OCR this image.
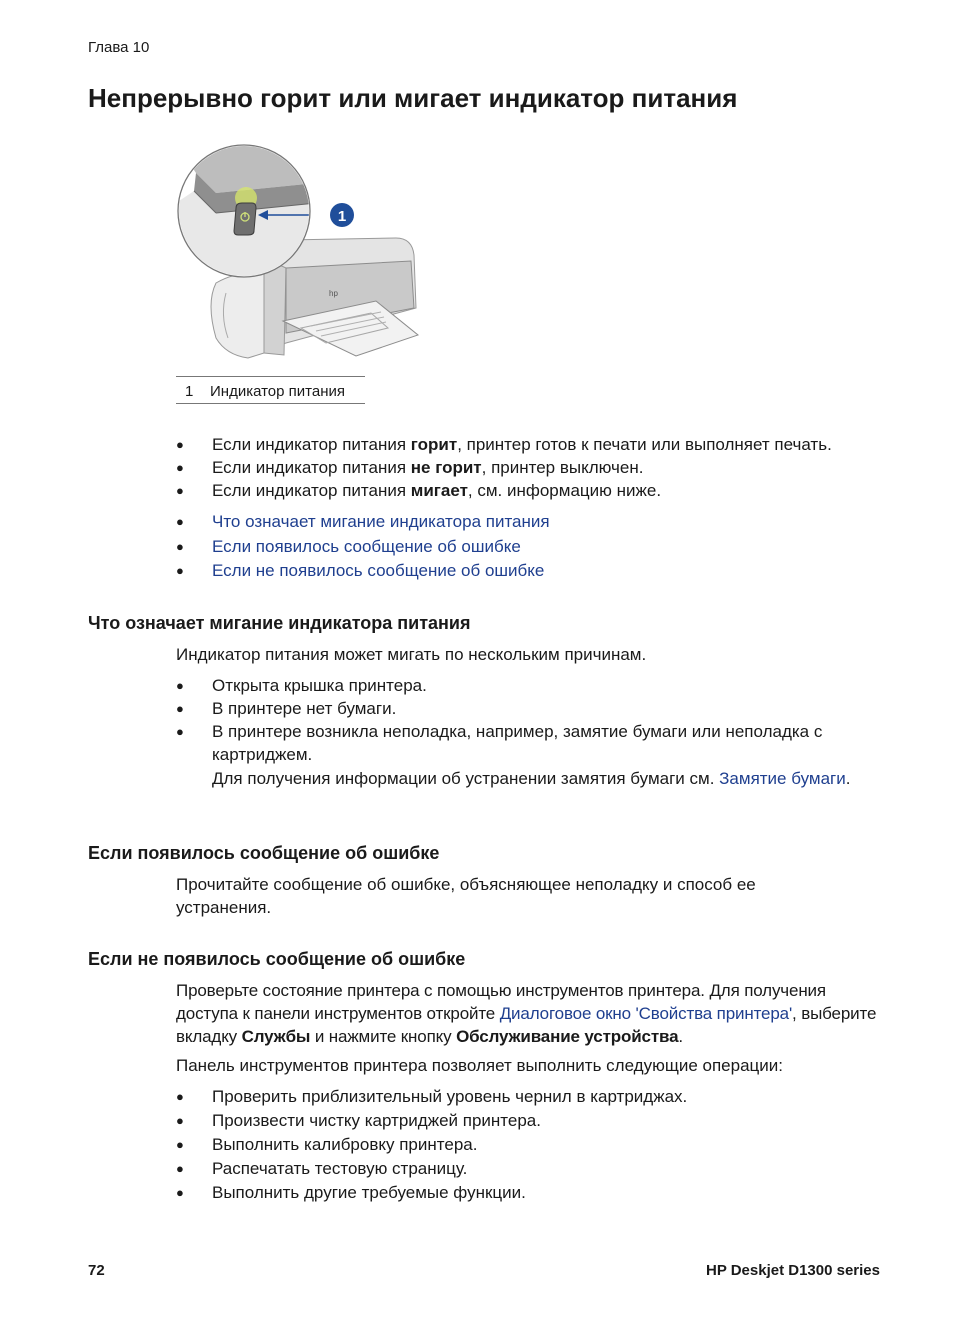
Глава 10
Непрерывно горит или мигает индикатор питания
hp
1
1 Индикатор питания
● Если индикатор питания горит, принтер готов к печати или выполняет печать.
● Если индикатор питания не горит, принтер выключен.
● Если индикатор питания мигает, см. информацию ниже.
● Что означает мигание индикатора питания
● Если появилось сообщение об ошибке
● Если не появилось сообщение об ошибке
Что означает мигание индикатора питания

Индикатор питания может мигать по нескольким причинам.

● Открыта крышка принтера.
● В принтере нет бумаги.
● В принтере возникла неполадка, например, замятие бумаги или неполадка с картриджем.

Для получения информации об устранении замятия бумаги см. Замятие бумаги.

Если появилось сообщение об ошибке

Прочитайте сообщение об ошибке, объясняющее неполадку и способ ее устранения.

Если не появилось сообщение об ошибке

Проверьте состояние принтера с помощью инструментов принтера. Для получения доступа к панели инструментов откройте Диалоговое окно 'Свойства принтера', выберите вкладку Службы и нажмите кнопку Обслуживание устройства.

Панель инструментов принтера позволяет выполнить следующие операции:

● Проверить приблизительный уровень чернил в картриджах.
● Произвести чистку картриджей принтера.
● Выполнить калибровку принтера.
● Распечатать тестовую страницу.
● Выполнить другие требуемые функции.
72	HP Deskjet D1300 series
